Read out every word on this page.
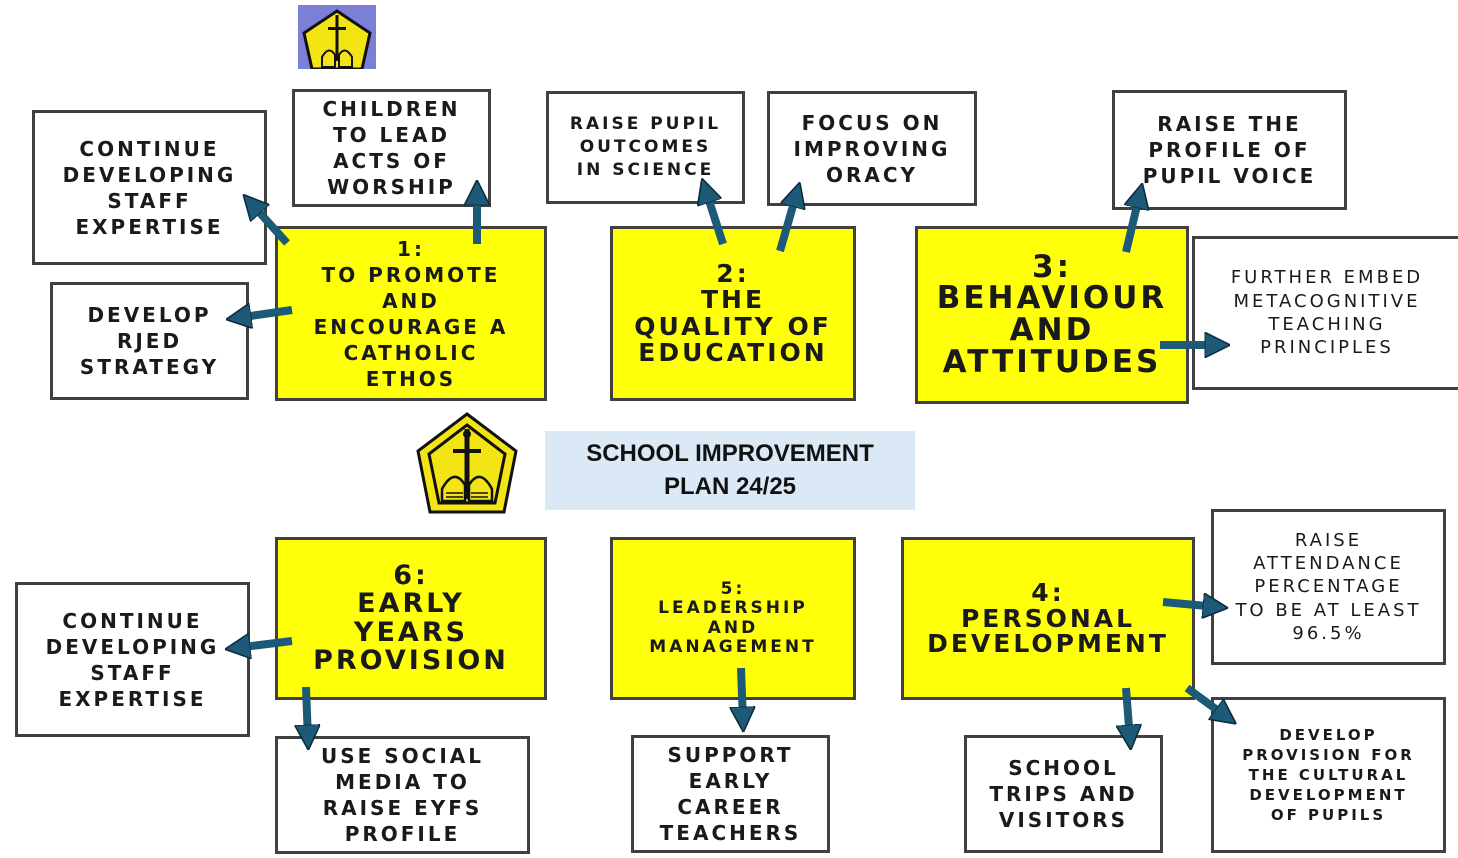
SCHOOL IMPROVEMENT
PLAN 24/25
1:
TO PROMOTE
AND
ENCOURAGE A
CATHOLIC
ETHOS
2:
THE
QUALITY OF
EDUCATION
3:
BEHAVIOUR
AND
ATTITUDES
4:
PERSONAL
DEVELOPMENT
5:
LEADERSHIP
AND
MANAGEMENT
6:
EARLY
YEARS
PROVISION
CONTINUE
DEVELOPING
STAFF
EXPERTISE
CHILDREN
TO LEAD
ACTS OF
WORSHIP
DEVELOP
RJED
STRATEGY
RAISE PUPIL
OUTCOMES
IN SCIENCE
FOCUS ON
IMPROVING
ORACY
RAISE THE
PROFILE OF
PUPIL VOICE
FURTHER EMBED
METACOGNITIVE
TEACHING
PRINCIPLES
RAISE
ATTENDANCE
PERCENTAGE
TO BE AT LEAST
96.5%
DEVELOP
PROVISION FOR
THE CULTURAL
DEVELOPMENT
OF PUPILS
SCHOOL
TRIPS AND
VISITORS
SUPPORT
EARLY
CAREER
TEACHERS
USE SOCIAL
MEDIA TO
RAISE EYFS
PROFILE
CONTINUE
DEVELOPING
STAFF
EXPERTISE
